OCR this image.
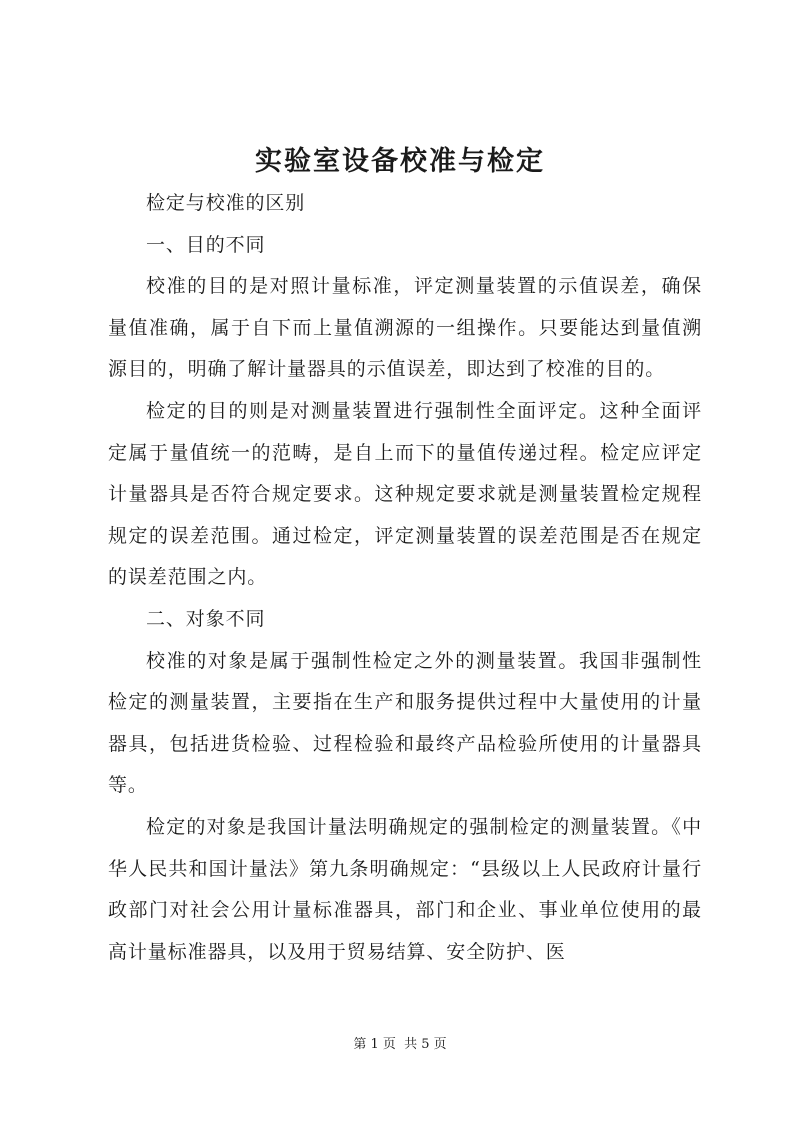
实验室设备校准与检定

检定与校准的区别

一、目的不同

校准的目的是对照计量标准，评定测量装置的示值误差，确保量值准确，属于自下而上量值溯源的一组操作。只要能达到量值溯源目的，明确了解计量器具的示值误差，即达到了校准的目的。

检定的目的则是对测量装置进行强制性全面评定。这种全面评定属于量值统一的范畴，是自上而下的量值传递过程。检定应评定计量器具是否符合规定要求。这种规定要求就是测量装置检定规程规定的误差范围。通过检定，评定测量装置的误差范围是否在规定的误差范围之内。

二、对象不同

校准的对象是属于强制性检定之外的测量装置。我国非强制性检定的测量装置，主要指在生产和服务提供过程中大量使用的计量器具，包括进货检验、过程检验和最终产品检验所使用的计量器具等。

检定的对象是我国计量法明确规定的强制检定的测量装置。《中华人民共和国计量法》第九条明确规定：“县级以上人民政府计量行政部门对社会公用计量标准器具，部门和企业、事业单位使用的最高计量标准器具，以及用于贸易结算、安全防护、医

第 1 页 共 5 页
